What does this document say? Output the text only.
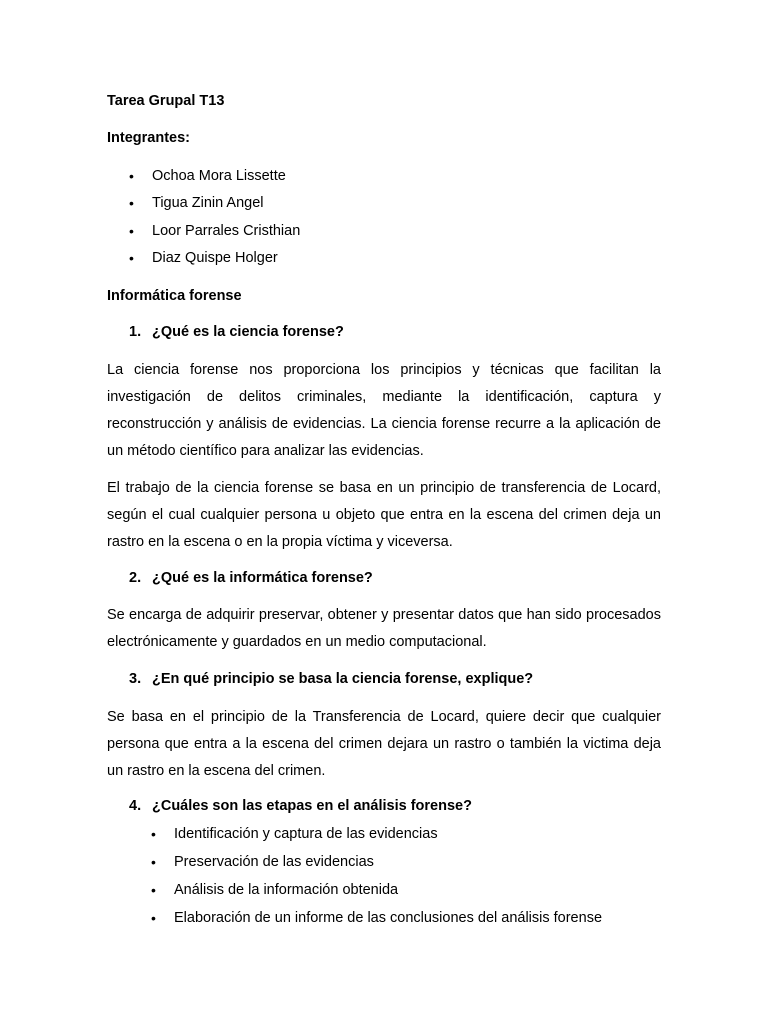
Tarea Grupal T13
Integrantes:
• Ochoa Mora Lissette
• Tigua Zinin Angel
• Loor Parrales Cristhian
• Diaz Quispe Holger
Informática forense
1. ¿Qué es la ciencia forense?
La ciencia forense nos proporciona los principios y técnicas que facilitan la investigación de delitos criminales, mediante la identificación, captura y reconstrucción y análisis de evidencias. La ciencia forense recurre a la aplicación de un método científico para analizar las evidencias.
El trabajo de la ciencia forense se basa en un principio de transferencia de Locard, según el cual cualquier persona u objeto que entra en la escena del crimen deja un rastro en la escena o en la propia víctima y viceversa.
2. ¿Qué es la informática forense?
Se encarga de adquirir preservar, obtener y presentar datos que han sido procesados electrónicamente y guardados en un medio computacional.
3. ¿En qué principio se basa la ciencia forense, explique?
Se basa en el principio de la Transferencia de Locard, quiere decir que cualquier persona que entra a la escena del crimen dejara un rastro o también la victima deja un rastro en la escena del crimen.
4. ¿Cuáles son las etapas en el análisis forense?
• Identificación y captura de las evidencias
• Preservación de las evidencias
• Análisis de la información obtenida
• Elaboración de un informe de las conclusiones del análisis forense
